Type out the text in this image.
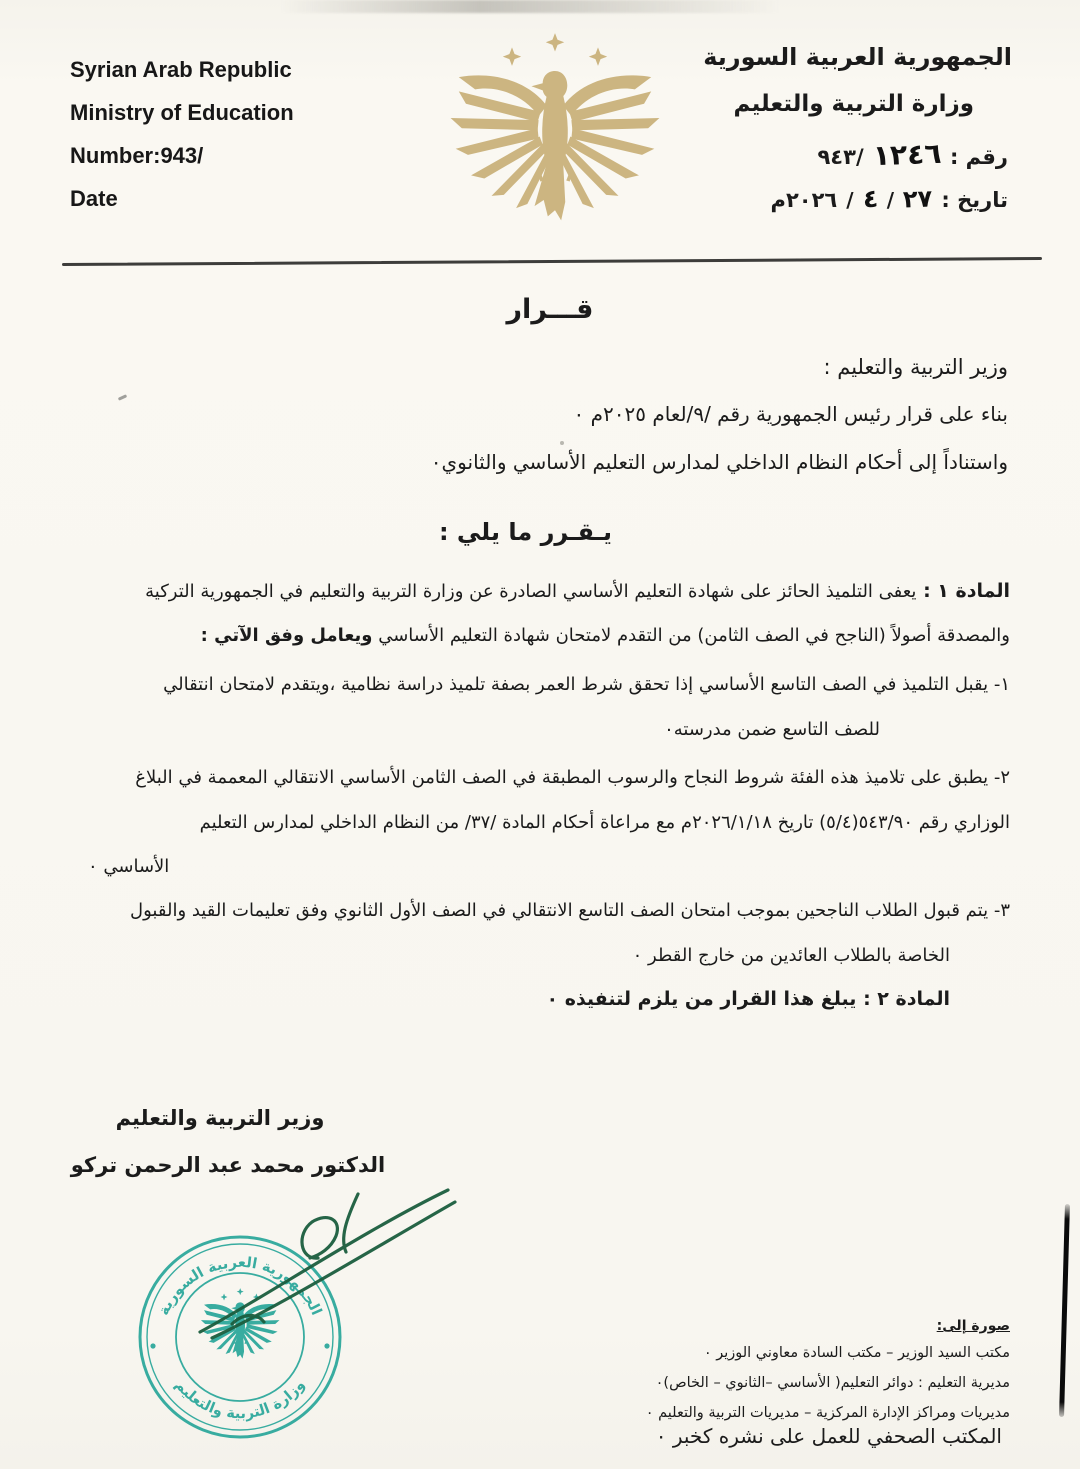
Syrian Arab Republic
Ministry of Education
Number:943/
Date
الجمهورية العربية السورية
وزارة التربية والتعليم
رقم :
١٢٤٦
٩٤٣/
تاريخ :
٢٧
/
٤
/
٢٠٢٦م
قـــرار
وزير التربية والتعليم :
بناء على قرار رئيس الجمهورية رقم /٩/لعام ٢٠٢٥م ٠
واستناداً إلى أحكام النظام الداخلي لمدارس التعليم الأساسي والثانوي٠
يـقـرر ما يلي :
المادة ١ : يعفى التلميذ الحائز على شهادة التعليم الأساسي الصادرة عن وزارة التربية والتعليم في الجمهورية التركية
والمصدقة أصولاً (الناجح في الصف الثامن) من التقدم لامتحان شهادة التعليم الأساسي ويعامل وفق الآتي :
١- يقبل التلميذ في الصف التاسع الأساسي إذا تحقق شرط العمر بصفة تلميذ دراسة نظامية ،ويتقدم لامتحان انتقالي
للصف التاسع ضمن مدرسته٠
٢- يطبق على تلاميذ هذه الفئة شروط النجاح والرسوب المطبقة في الصف الثامن الأساسي الانتقالي المعممة في البلاغ
الوزاري رقم ٥٤٣/٩٠(٥/٤) تاريخ ٢٠٢٦/١/١٨م مع مراعاة أحكام المادة /٣٧/ من النظام الداخلي لمدارس التعليم
الأساسي ٠
٣- يتم قبول الطلاب الناجحين بموجب امتحان الصف التاسع الانتقالي في الصف الأول الثانوي وفق تعليمات القيد والقبول
الخاصة بالطلاب العائدين من خارج القطر ٠
المادة ٢ : يبلغ هذا القرار من يلزم لتنفيذه ٠
وزير التربية والتعليم
الدكتور محمد عبد الرحمن تركو
الجمهورية العربية السورية
وزارة التربية والتعليم
صورة إلى:
مكتب السيد الوزير – مكتب السادة معاوني الوزير ٠
مديرية التعليم : دوائر التعليم( الأساسي –الثانوي – الخاص)٠
مديريات ومراكز الإدارة المركزية – مديريات التربية والتعليم ٠
المكتب الصحفي للعمل على نشره كخبر ٠
